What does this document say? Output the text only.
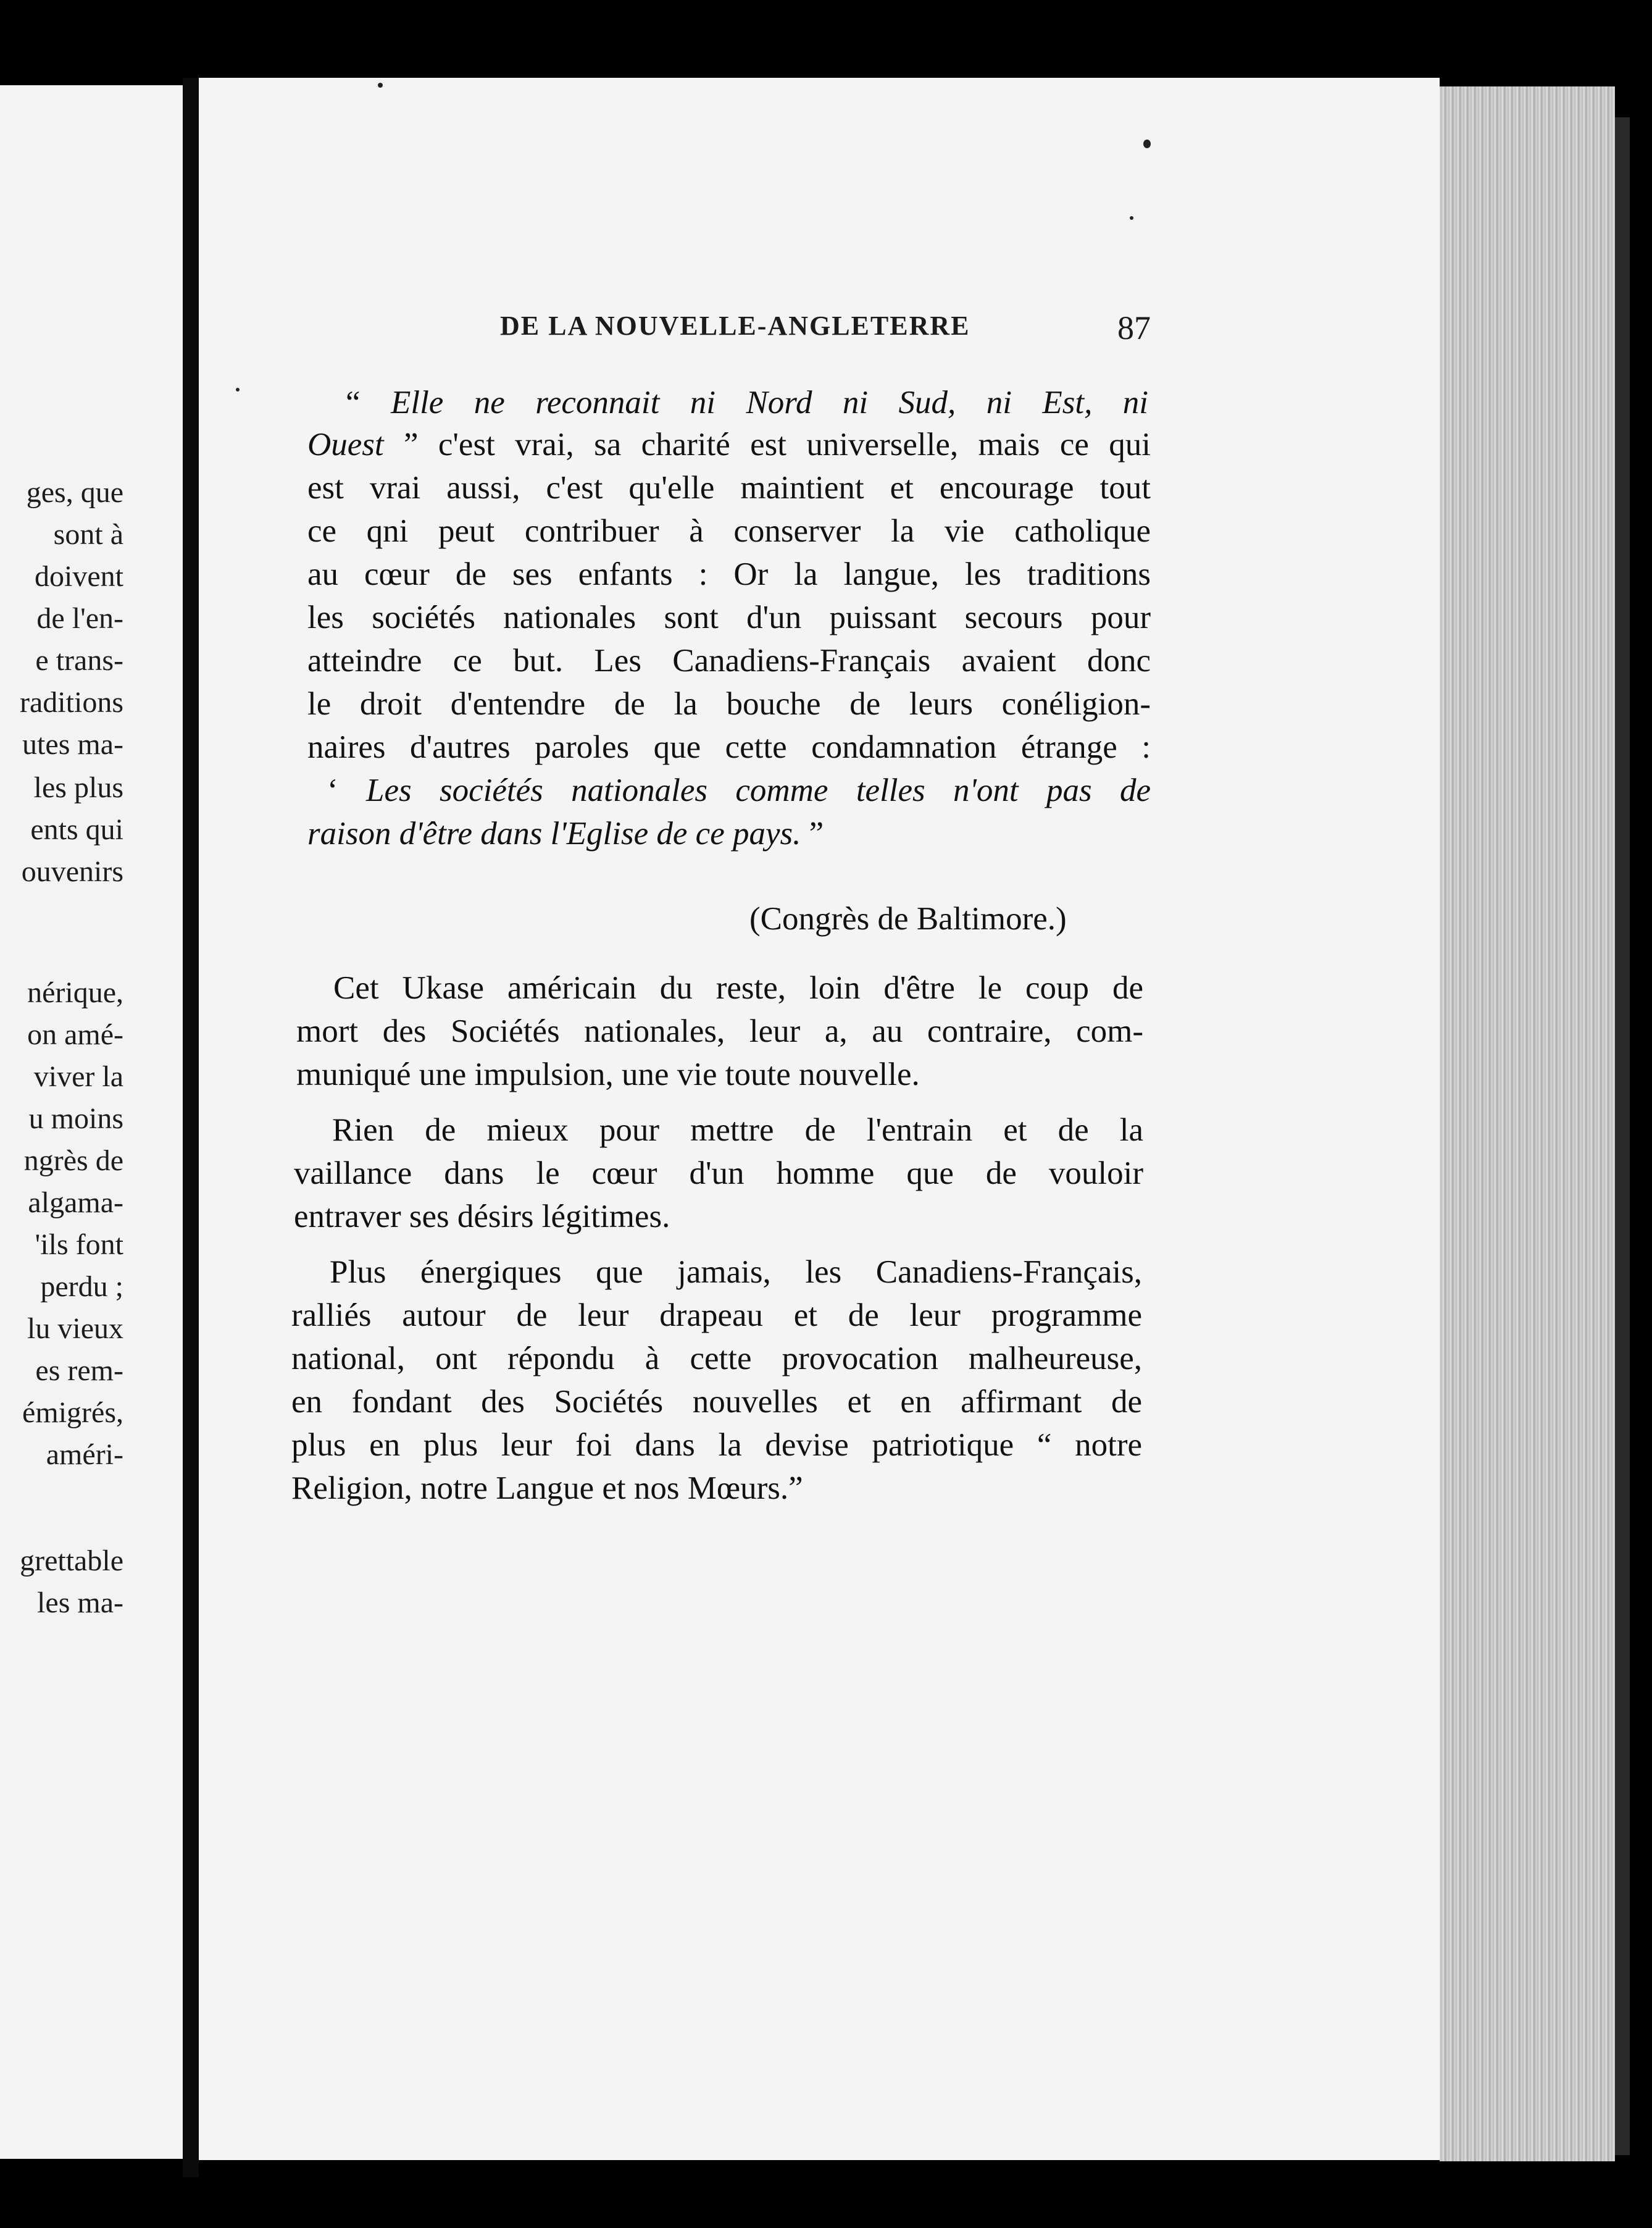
ges, que
sont à
doivent
de l'en-
e trans-
raditions
utes ma-
les plus
ents qui
ouvenirs
nérique,
on amé-
viver la
u moins
ngrès de
algama-
'ils font
perdu ;
lu vieux
es rem-
émigrés,
améri-
grettable
les ma-
DE LA NOUVELLE-ANGLETERRE	87
“ Elle ne reconnait ni Nord ni Sud, ni Est, ni
Ouest ” c'est vrai, sa charité est universelle, mais ce qui
est vrai aussi, c'est qu'elle maintient et encourage tout
ce qni peut contribuer à conserver la vie catholique
au cœur de ses enfants : Or la langue, les traditions
les sociétés nationales sont d'un puissant secours pour
atteindre ce but. Les Canadiens-Français avaient donc
le droit d'entendre de la bouche de leurs conéligion-
naires d'autres paroles que cette condamnation étrange :
‘ Les sociétés nationales comme telles n'ont pas de
raison d'être dans l'Eglise de ce pays. ”
(Congrès de Baltimore.)
Cet Ukase américain du reste, loin d'être le coup de
mort des Sociétés nationales, leur a, au contraire, com-
muniqué une impulsion, une vie toute nouvelle.
Rien de mieux pour mettre de l'entrain et de la
vaillance dans le cœur d'un homme que de vouloir
entraver ses désirs légitimes.
Plus énergiques que jamais, les Canadiens-Français,
ralliés autour de leur drapeau et de leur programme
national, ont répondu à cette provocation malheureuse,
en fondant des Sociétés nouvelles et en affirmant de
plus en plus leur foi dans la devise patriotique “ notre
Religion, notre Langue et nos Mœurs.”
